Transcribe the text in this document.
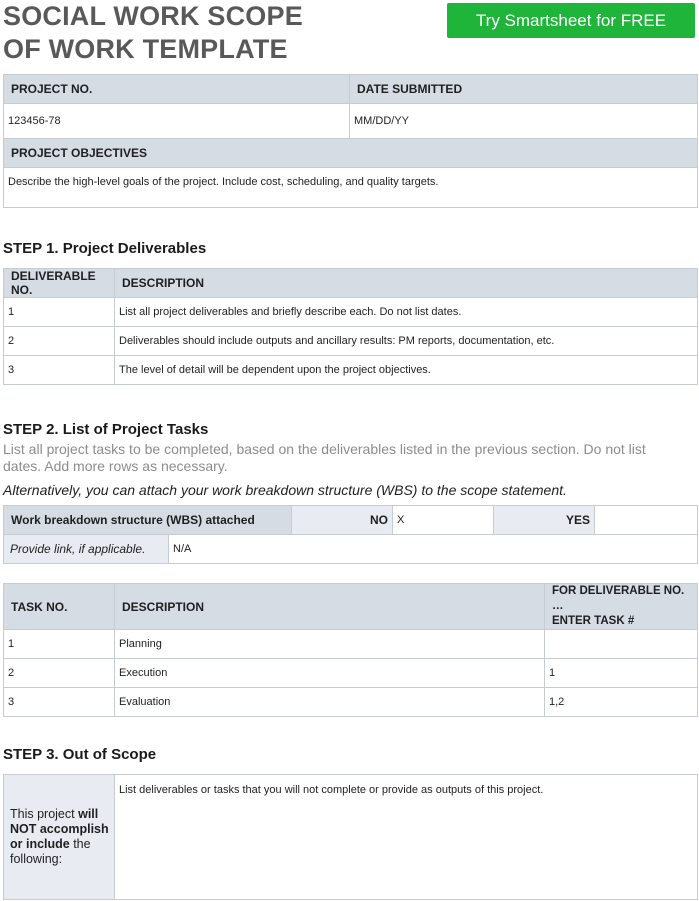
SOCIAL WORK SCOPE
OF WORK TEMPLATE
Try Smartsheet for FREE
PROJECT NO.	DATE SUBMITTED
123456-78	MM/DD/YY
PROJECT OBJECTIVES	
Describe the high-level goals of the project. Include cost, scheduling, and quality targets.	
STEP 1. Project Deliverables
DELIVERABLE NO.	DESCRIPTION
1	List all project deliverables and briefly describe each. Do not list dates.
2	Deliverables should include outputs and ancillary results: PM reports, documentation, etc.
3	The level of detail will be dependent upon the project objectives.
STEP 2. List of Project Tasks
List all project tasks to be completed, based on the deliverables listed in the previous section. Do not list dates. Add more rows as necessary.
Alternatively, you can attach your work breakdown structure (WBS) to the scope statement.
Work breakdown structure (WBS) attached		NO	X	YES	
Provide link, if applicable.	N/A				
TASK NO.	DESCRIPTION	FOR DELIVERABLE NO. …
ENTER TASK #

1	Planning	
2	Execution	1
3	Evaluation	1,2
STEP 3. Out of Scope
This project will NOT accomplish or include the following:	List deliverables or tasks that you will not complete or provide as outputs of this project.
